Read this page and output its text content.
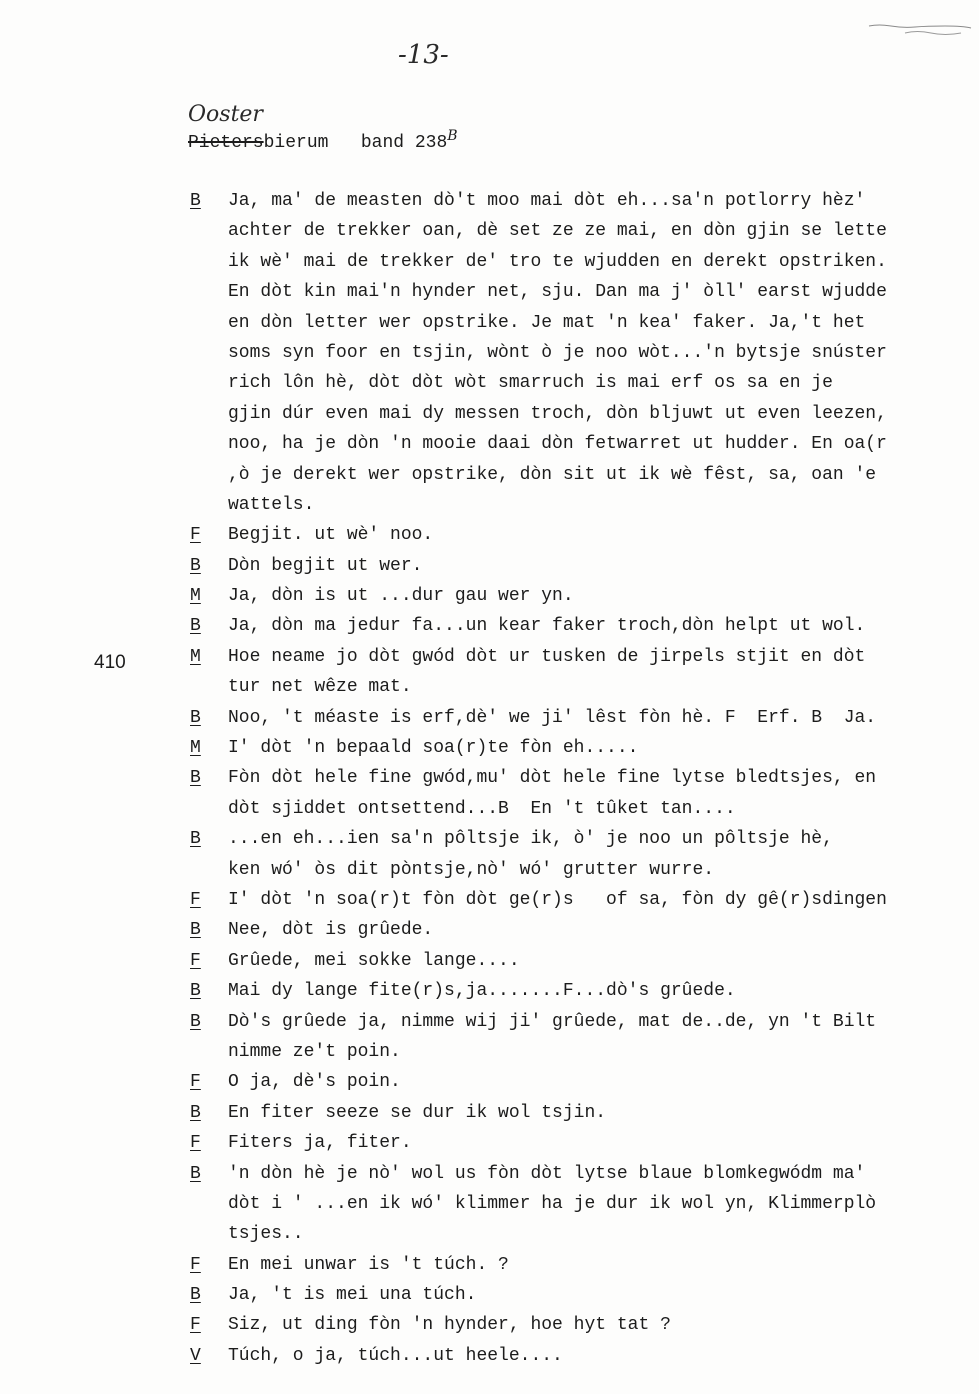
-13-
Ooster
Pietersbierum band 238$^B$
410
B	Ja, ma' de measten dò't moo mai dòt eh...sa'n potlorry hèz'
achter de trekker oan, dè set ze ze mai, en dòn gjin se lette
ik wè' mai de trekker de' tro te wjudden en derekt opstriken.
En dòt kin mai'n hynder net, sju. Dan ma j' òll' earst wjudde
en dòn letter wer opstrike. Je mat 'n kea' faker. Ja,'t het
soms syn foor en tsjin, wònt ò je noo wòt...'n bytsje snúster
rich lôn hè, dòt dòt wòt smarruch is mai erf os sa en je
gjin dúr even mai dy messen troch, dòn bljuwt ut even leezen,
noo, ha je dòn 'n mooie daai dòn fetwarret ut hudder. En oa(r
,ò je derekt wer opstrike, dòn sit ut ik wè fêst, sa, oan 'e
wattels.
F	Begjit. ut wè' noo.
B	Dòn begjit ut wer.
M	Ja, dòn is ut ...dur gau wer yn.
B	Ja, dòn ma jedur fa...un kear faker troch,dòn helpt ut wol.
M	Hoe neame jo dòt gwód dòt ur tusken de jirpels stjit en dòt
tur net wêze mat.
B	Noo, 't méaste is erf,dè' we ji' lêst fòn hè. F  Erf. B  Ja.
M	I' dòt 'n bepaald soa(r)te fòn eh.....
B	Fòn dòt hele fine gwód,mu' dòt hele fine lytse bledtsjes, en
dòt sjiddet ontsettend...B  En 't tûket tan....
B	...en eh...ien sa'n pôltsje ik, ò' je noo un pôltsje hè,
ken wó' òs dit pòntsje,nò' wó' grutter wurre.
F	I' dòt 'n soa(r)t fòn dòt ge(r)s   of sa, fòn dy gê(r)sdingen
B	Nee, dòt is grûede.
F	Grûede, mei sokke lange....
B	Mai dy lange fite(r)s,ja.......F...dò's grûede.
B	Dò's grûede ja, nimme wij ji' grûede, mat de..de, yn 't Bilt
nimme ze't poin.
F	O ja, dè's poin.
B	En fiter seeze se dur ik wol tsjin.
F	Fiters ja, fiter.
B	'n dòn hè je nò' wol us fòn dòt lytse blaue blomkegwódm ma'
dòt i ' ...en ik wó' klimmer ha je dur ik wol yn, Klimmerplò
tsjes..
F	En mei unwar is 't túch. ?
B	Ja, 't is mei una túch.
F	Siz, ut ding fòn 'n hynder, hoe hyt tat ?
V	Túch, o ja, túch...ut heele....
